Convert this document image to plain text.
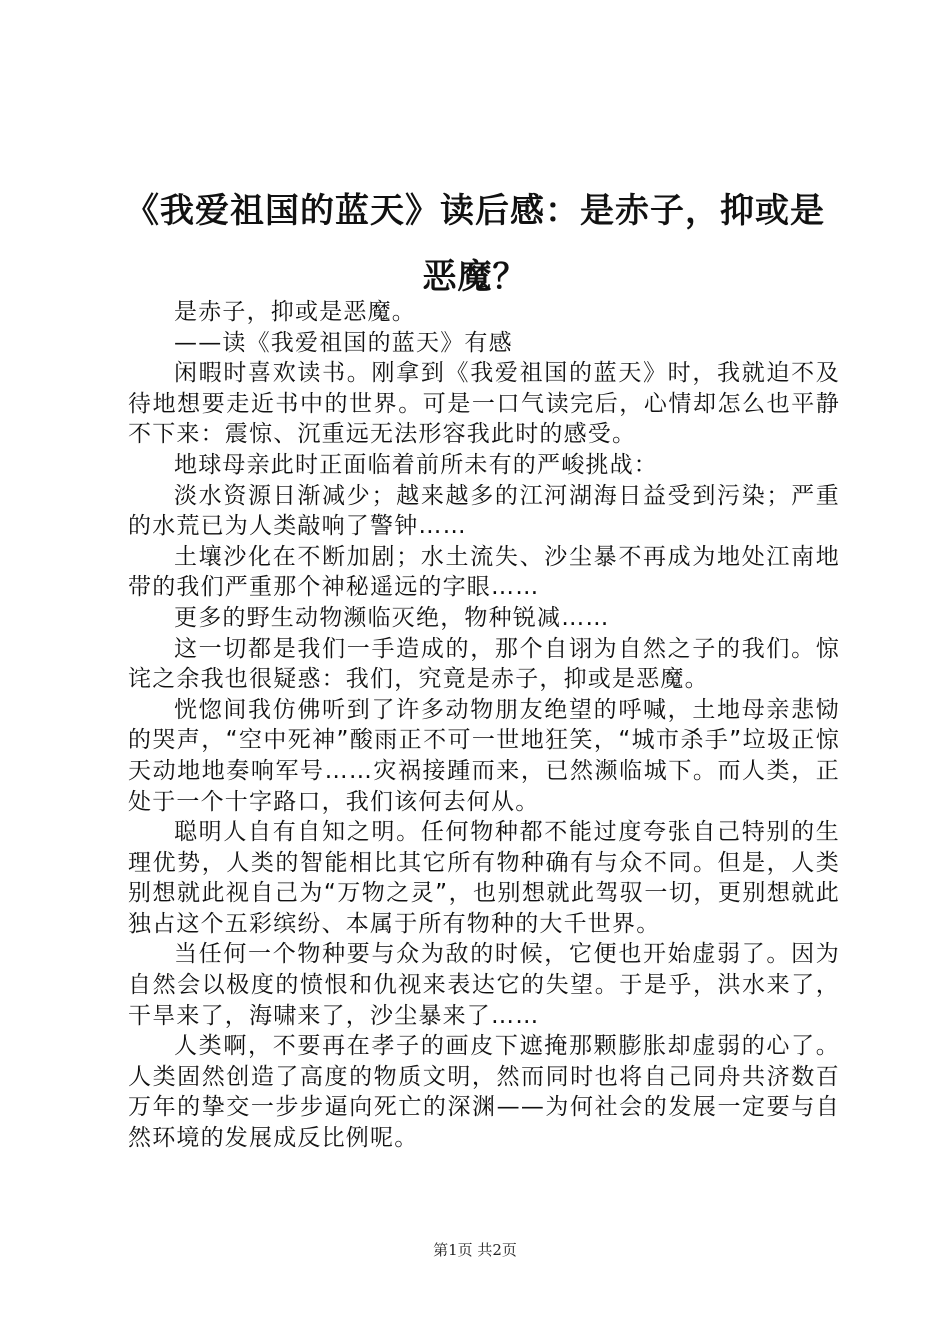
《我爱祖国的蓝天》读后感：是赤子，抑或是恶魔？

是赤子，抑或是恶魔。

——读《我爱祖国的蓝天》有感

闲暇时喜欢读书。刚拿到《我爱祖国的蓝天》时，我就迫不及待地想要走近书中的世界。可是一口气读完后，心情却怎么也平静不下来：震惊、沉重远无法形容我此时的感受。

地球母亲此时正面临着前所未有的严峻挑战：

淡水资源日渐减少；越来越多的江河湖海日益受到污染；严重的水荒已为人类敲响了警钟……

土壤沙化在不断加剧；水土流失、沙尘暴不再成为地处江南地带的我们严重那个神秘遥远的字眼……

更多的野生动物濒临灭绝，物种锐减……

这一切都是我们一手造成的，那个自诩为自然之子的我们。惊诧之余我也很疑惑：我们，究竟是赤子，抑或是恶魔。

恍惚间我仿佛听到了许多动物朋友绝望的呼喊，土地母亲悲恸的哭声，“空中死神”酸雨正不可一世地狂笑，“城市杀手”垃圾正惊天动地地奏响军号……灾祸接踵而来，已然濒临城下。而人类，正处于一个十字路口，我们该何去何从。

聪明人自有自知之明。任何物种都不能过度夸张自己特别的生理优势，人类的智能相比其它所有物种确有与众不同。但是，人类别想就此视自己为“万物之灵”，也别想就此驾驭一切，更别想就此独占这个五彩缤纷、本属于所有物种的大千世界。

当任何一个物种要与众为敌的时候，它便也开始虚弱了。因为自然会以极度的愤恨和仇视来表达它的失望。于是乎，洪水来了，干旱来了，海啸来了，沙尘暴来了……

人类啊，不要再在孝子的画皮下遮掩那颗膨胀却虚弱的心了。人类固然创造了高度的物质文明，然而同时也将自己同舟共济数百万年的挚交一步步逼向死亡的深渊——为何社会的发展一定要与自然环境的发展成反比例呢。

第1页 共2页
